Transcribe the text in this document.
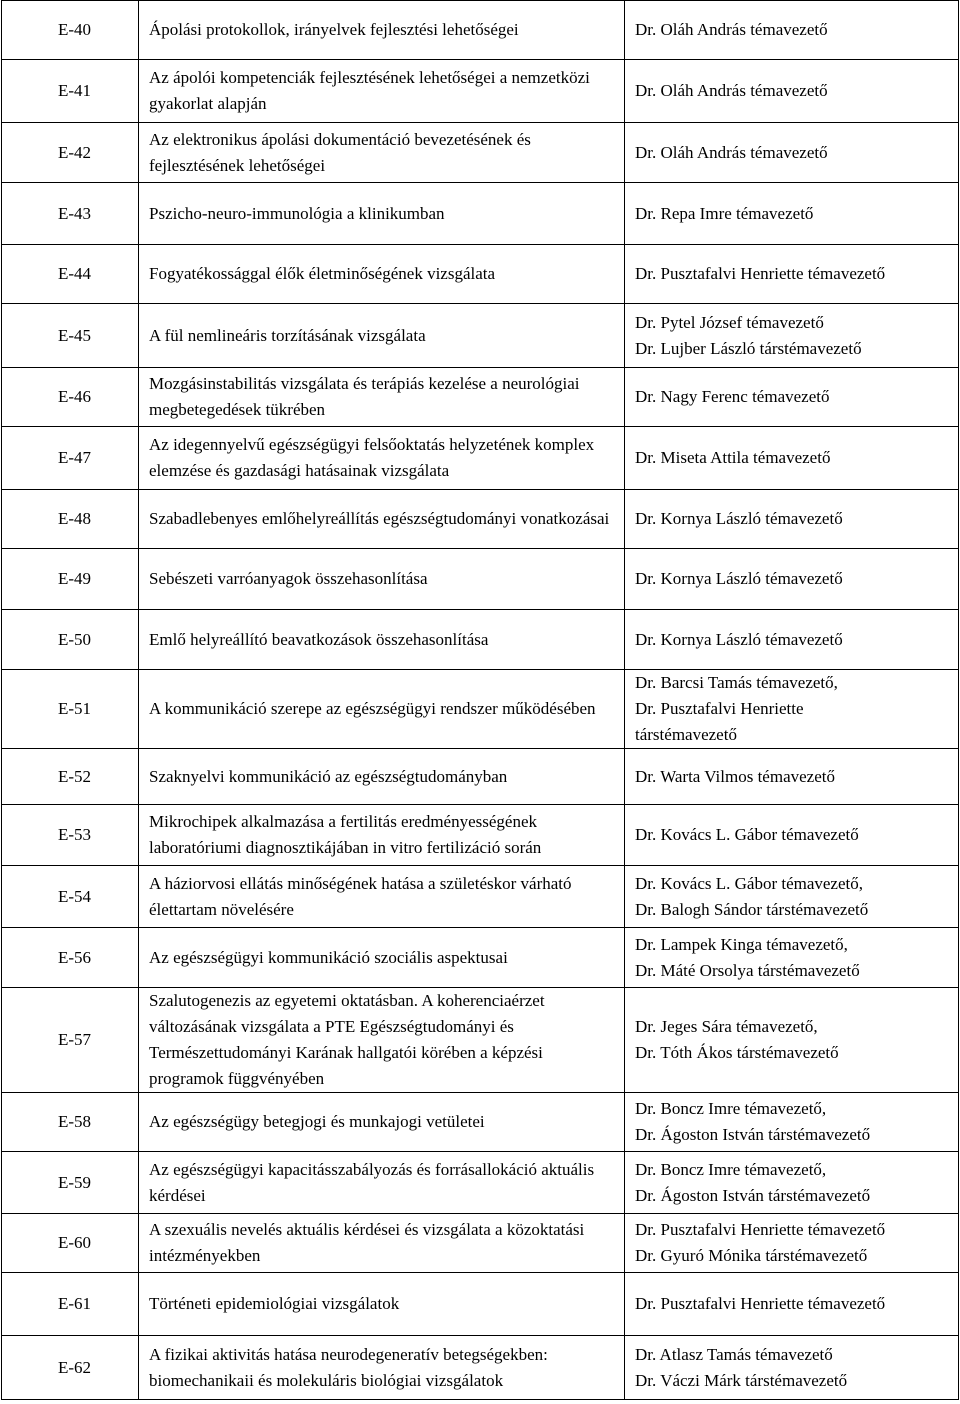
E-40	Ápolási protokollok, irányelvek fejlesztési lehetőségei	Dr. Oláh András témavezető

E-41	Az ápolói kompetenciák fejlesztésének lehetőségei a nemzetközi gyakorlat alapján	Dr. Oláh András témavezető

E-42	Az elektronikus ápolási dokumentáció bevezetésének és fejlesztésének lehetőségei	Dr. Oláh András témavezető

E-43	Pszicho-neuro-immunológia a klinikumban	Dr. Repa Imre témavezető

E-44	Fogyatékossággal élők életminőségének vizsgálata	Dr. Pusztafalvi Henriette témavezető

E-45	A fül nemlineáris torzításának vizsgálata	Dr. Pytel József témavezető
Dr. Lujber László társtémavezető

E-46	Mozgásinstabilitás vizsgálata és terápiás kezelése a neurológiai megbetegedések tükrében	Dr. Nagy Ferenc témavezető

E-47	Az idegennyelvű egészségügyi felsőoktatás helyzetének komplex elemzése és gazdasági hatásainak vizsgálata	Dr. Miseta Attila témavezető

E-48	Szabadlebenyes emlőhelyreállítás egészségtudományi vonatkozásai	Dr. Kornya László témavezető

E-49	Sebészeti varróanyagok összehasonlítása	Dr. Kornya László témavezető

E-50	Emlő helyreállító beavatkozások összehasonlítása	Dr. Kornya László témavezető

E-51	A kommunikáció szerepe az egészségügyi rendszer működésében	Dr. Barcsi Tamás témavezető,
Dr. Pusztafalvi Henriette
társtémavezető

E-52	Szaknyelvi kommunikáció az egészségtudományban	Dr. Warta Vilmos témavezető

E-53	Mikrochipek alkalmazása a fertilitás eredményességének laboratóriumi diagnosztikájában in vitro fertilizáció során	Dr. Kovács L. Gábor témavezető

E-54	A háziorvosi ellátás minőségének hatása a születéskor várható élettartam növelésére	Dr. Kovács L. Gábor témavezető,
Dr. Balogh Sándor társtémavezető

E-56	Az egészségügyi kommunikáció szociális aspektusai	Dr. Lampek Kinga témavezető,
Dr. Máté Orsolya társtémavezető

E-57	Szalutogenezis az egyetemi oktatásban. A koherenciaérzet változásának vizsgálata a PTE Egészségtudományi és Természettudományi Karának hallgatói körében a képzési programok függvényében	Dr. Jeges Sára témavezető,
Dr. Tóth Ákos társtémavezető

E-58	Az egészségügy betegjogi és munkajogi vetületei	Dr. Boncz Imre témavezető,
Dr. Ágoston István társtémavezető

E-59	Az egészségügyi kapacitásszabályozás és forrásallokáció aktuális kérdései	Dr. Boncz Imre témavezető,
Dr. Ágoston István társtémavezető

E-60	A szexuális nevelés aktuális kérdései és vizsgálata a közoktatási intézményekben	Dr. Pusztafalvi Henriette témavezető
Dr. Gyuró Mónika társtémavezető

E-61	Történeti epidemiológiai vizsgálatok	Dr. Pusztafalvi Henriette témavezető

E-62	A fizikai aktivitás hatása neurodegeneratív betegségekben: biomechanikaii és molekuláris biológiai vizsgálatok	Dr. Atlasz Tamás témavezető
Dr. Váczi Márk társtémavezető
